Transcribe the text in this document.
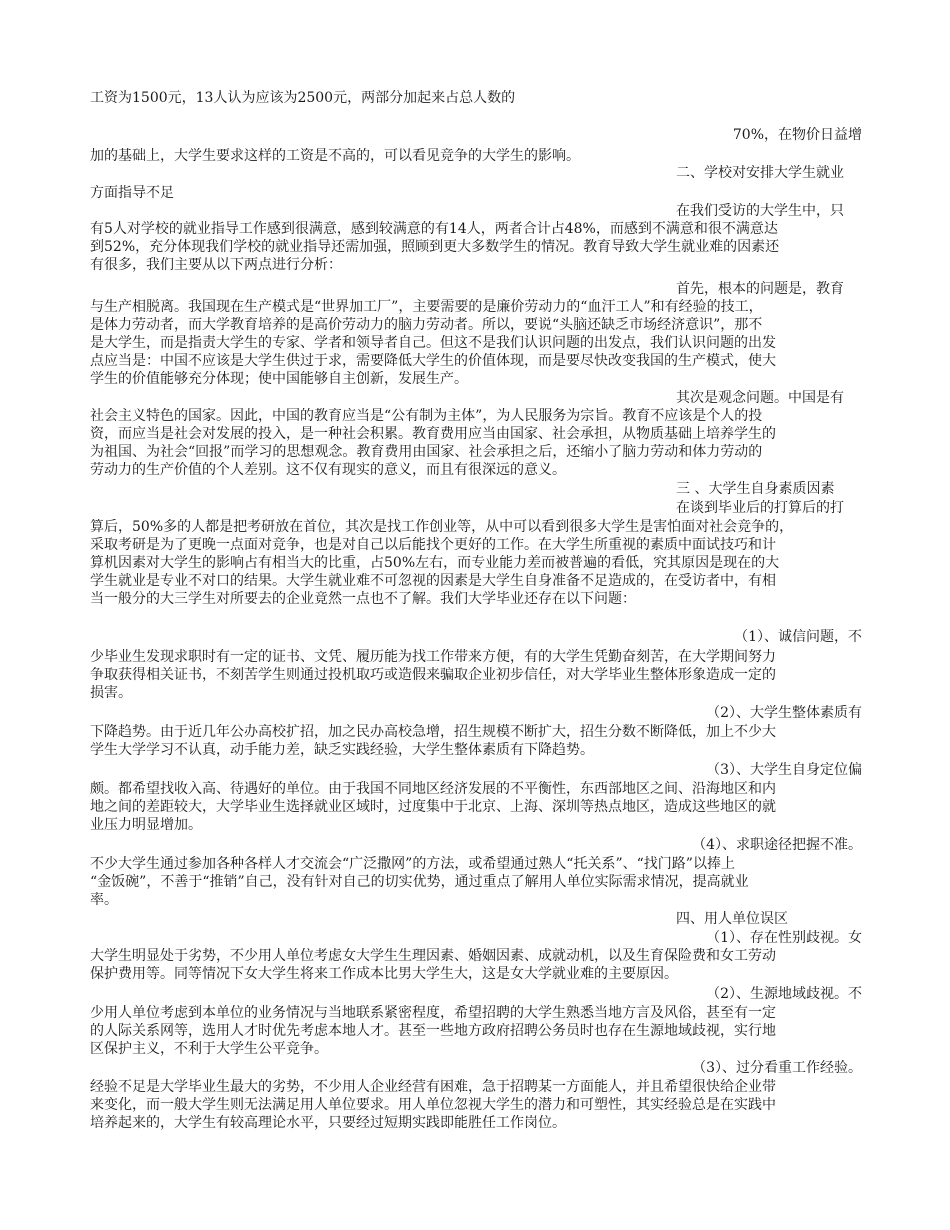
工资为1500元，13人认为应该为2500元，两部分加起来占总人数的
70%，在物价日益增
加的基础上，大学生要求这样的工资是不高的，可以看见竞争的大学生的影响。
二、学校对安排大学生就业
方面指导不足
在我们受访的大学生中，只
有5人对学校的就业指导工作感到很满意，感到较满意的有14人，两者合计占48%，而感到不满意和很不满意达
到52%，充分体现我们学校的就业指导还需加强，照顾到更大多数学生的情况。教育导致大学生就业难的因素还
有很多，我们主要从以下两点进行分析：
首先，根本的问题是，教育
与生产相脱离。我国现在生产模式是“世界加工厂”，主要需要的是廉价劳动力的“血汗工人”和有经验的技工，
是体力劳动者，而大学教育培养的是高价劳动力的脑力劳动者。所以，要说“头脑还缺乏市场经济意识”，那不
是大学生，而是指责大学生的专家、学者和领导者自己。但这不是我们认识问题的出发点，我们认识问题的出发
点应当是：中国不应该是大学生供过于求，需要降低大学生的价值体现，而是要尽快改变我国的生产模式，使大
学生的价值能够充分体现；使中国能够自主创新，发展生产。
其次是观念问题。中国是有
社会主义特色的国家。因此，中国的教育应当是“公有制为主体”，为人民服务为宗旨。教育不应该是个人的投
资，而应当是社会对发展的投入，是一种社会积累。教育费用应当由国家、社会承担，从物质基础上培养学生的
为祖国、为社会“回报”而学习的思想观念。教育费用由国家、社会承担之后，还缩小了脑力劳动和体力劳动的
劳动力的生产价值的个人差别。这不仅有现实的意义，而且有很深远的意义。
三 、大学生自身素质因素
在谈到毕业后的打算后的打
算后，50%多的人都是把考研放在首位，其次是找工作创业等，从中可以看到很多大学生是害怕面对社会竞争的，
采取考研是为了更晚一点面对竞争，也是对自己以后能找个更好的工作。在大学生所重视的素质中面试技巧和计
算机因素对大学生的影响占有相当大的比重，占50%左右，而专业能力差而被普遍的看低，究其原因是现在的大
学生就业是专业不对口的结果。大学生就业难不可忽视的因素是大学生自身准备不足造成的，在受访者中，有相
当一般分的大三学生对所要去的企业竟然一点也不了解。我们大学毕业还存在以下问题：
（1）、诚信问题，不
少毕业生发现求职时有一定的证书、文凭、履历能为找工作带来方便，有的大学生凭勤奋刻苦，在大学期间努力
争取获得相关证书，不刻苦学生则通过投机取巧或造假来骗取企业初步信任，对大学毕业生整体形象造成一定的
损害。
（2）、大学生整体素质有
下降趋势。由于近几年公办高校扩招，加之民办高校急增，招生规模不断扩大，招生分数不断降低，加上不少大
学生大学学习不认真，动手能力差，缺乏实践经验，大学生整体素质有下降趋势。
（3）、大学生自身定位偏
颇。都希望找收入高、待遇好的单位。由于我国不同地区经济发展的不平衡性，东西部地区之间、沿海地区和内
地之间的差距较大，大学毕业生选择就业区域时，过度集中于北京、上海、深圳等热点地区，造成这些地区的就
业压力明显增加。
（4）、求职途径把握不准。
不少大学生通过参加各种各样人才交流会“广泛撒网”的方法，或希望通过熟人“托关系”、“找门路”以捧上
“金饭碗”，不善于“推销”自己，没有针对自己的切实优势，通过重点了解用人单位实际需求情况，提高就业
率。
四、用人单位误区
（1）、存在性别歧视。女
大学生明显处于劣势，不少用人单位考虑女大学生生理因素、婚姻因素、成就动机，以及生育保险费和女工劳动
保护费用等。同等情况下女大学生将来工作成本比男大学生大，这是女大学就业难的主要原因。
（2）、生源地域歧视。不
少用人单位考虑到本单位的业务情况与当地联系紧密程度，希望招聘的大学生熟悉当地方言及风俗，甚至有一定
的人际关系网等，选用人才时优先考虑本地人才。甚至一些地方政府招聘公务员时也存在生源地域歧视，实行地
区保护主义，不利于大学生公平竞争。
（3）、过分看重工作经验。
经验不足是大学毕业生最大的劣势，不少用人企业经营有困难，急于招聘某一方面能人，并且希望很快给企业带
来变化，而一般大学生则无法满足用人单位要求。用人单位忽视大学生的潜力和可塑性，其实经验总是在实践中
培养起来的，大学生有较高理论水平，只要经过短期实践即能胜任工作岗位。
